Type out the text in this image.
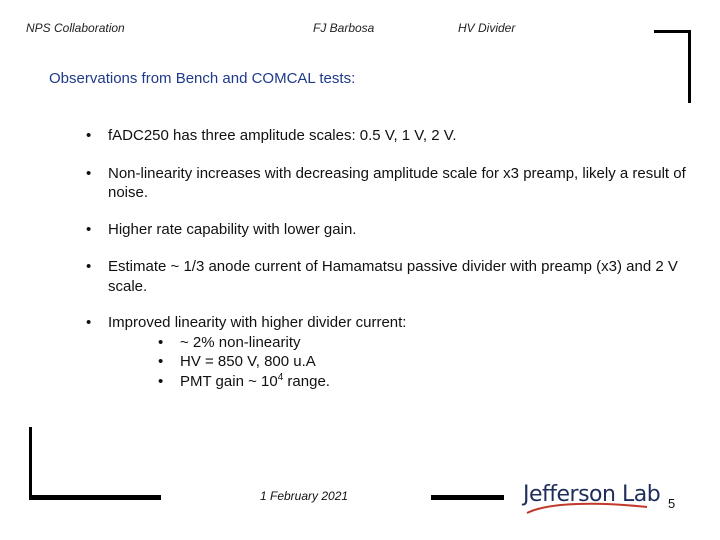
NPS Collaboration	FJ Barbosa	HV Divider
Observations from Bench and COMCAL tests:
• fADC250 has three amplitude scales: 0.5 V, 1 V, 2 V.
• Non-linearity increases with decreasing amplitude scale for x3 preamp, likely a result of noise.
• Higher rate capability with lower gain.
• Estimate ~ 1/3 anode current of Hamamatsu passive divider with preamp (x3) and 2 V scale.
• Improved linearity with higher divider current:
• ~ 2% non-linearity
• HV = 850 V, 800 u.A
• PMT gain ~ $10^4$ range.
1 February 2021	Jefferson Lab 5
